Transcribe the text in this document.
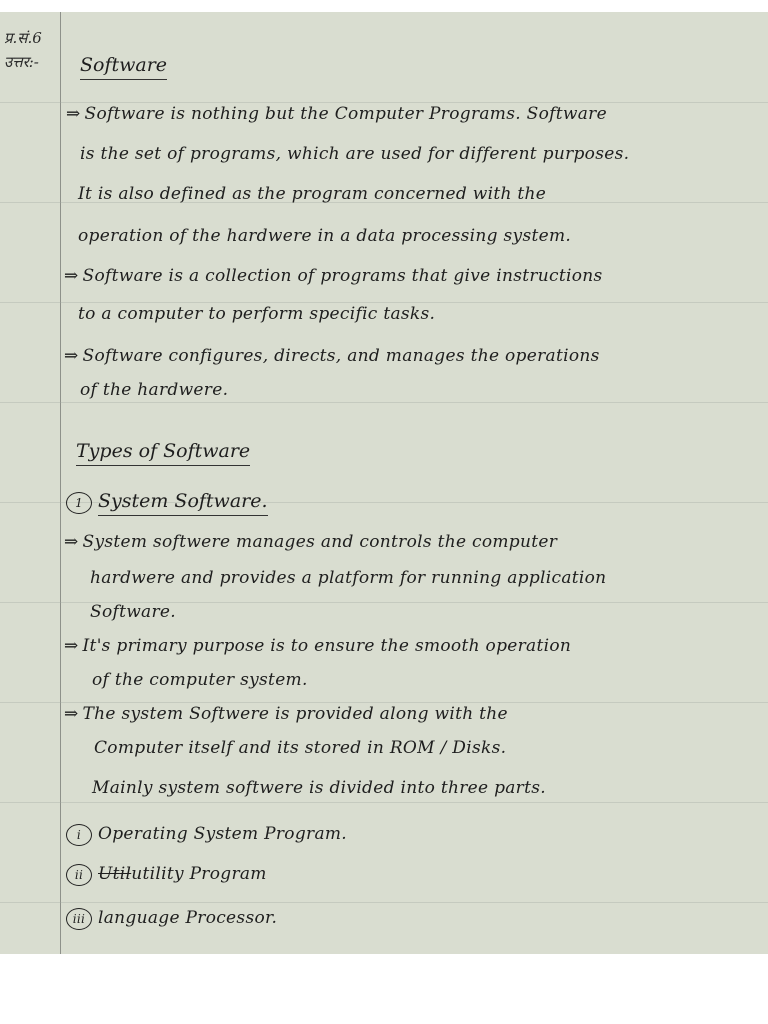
प्र.सं.6
उत्तर:- Software
⇒ Software is nothing but the Computer Programs. Software
is the set of programs, which are used for different purposes.
It is also defined as the program concerned with the
operation of the hardwere in a data processing system.
⇒ Software is a collection of programs that give instructions
to a computer to perform specific tasks.
⇒ Software configures, directs, and manages the operations
of the hardwere.
Types of Software
1 System Software.
⇒ System softwere manages and controls the computer
hardwere and provides a platform for running application
Software.
⇒ It's primary purpose is to ensure the smooth operation
of the computer system.
⇒ The system Softwere is provided along with the
Computer itself and its stored in ROM / Disks.
Mainly system softwere is divided into three parts.
i Operating System Program.
ii Utilutility Program
iii language Processor.
